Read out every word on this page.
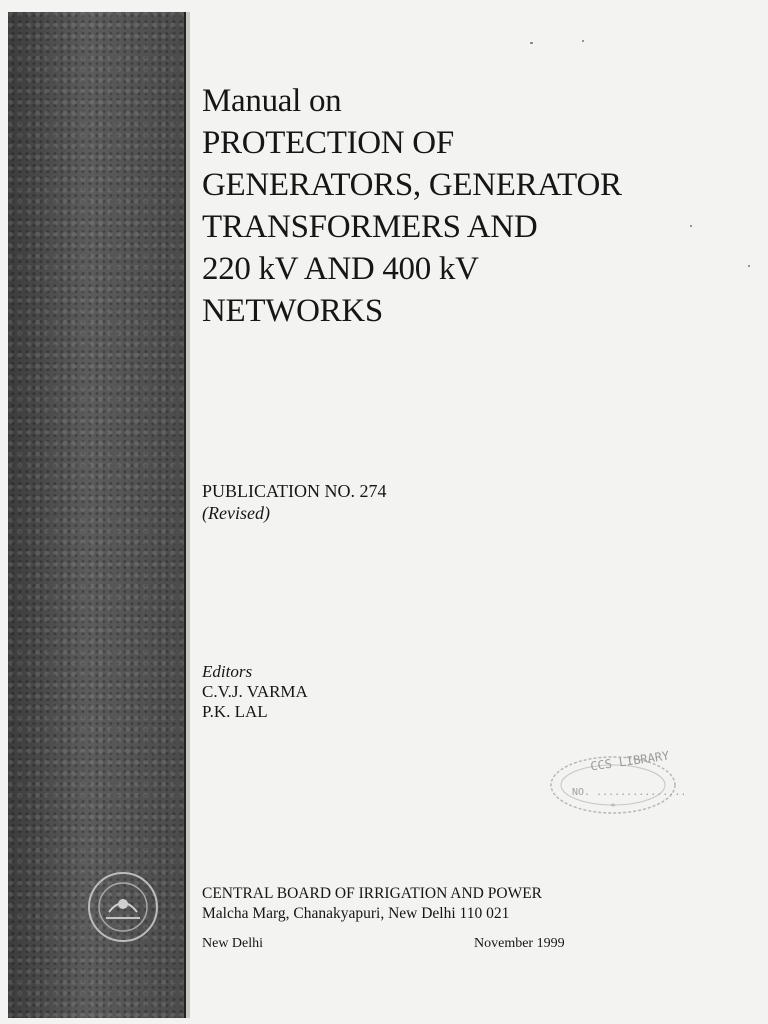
Manual on
PROTECTION OF
GENERATORS, GENERATOR
TRANSFORMERS AND
220 kV AND 400 kV
NETWORKS
PUBLICATION NO. 274
(Revised)
Editors
C.V.J. VARMA
P.K. LAL
*
CCS LIBRARY
NO. ...............
CENTRAL BOARD OF IRRIGATION AND POWER
Malcha Marg, Chanakyapuri, New Delhi 110 021
New Delhi	November 1999
